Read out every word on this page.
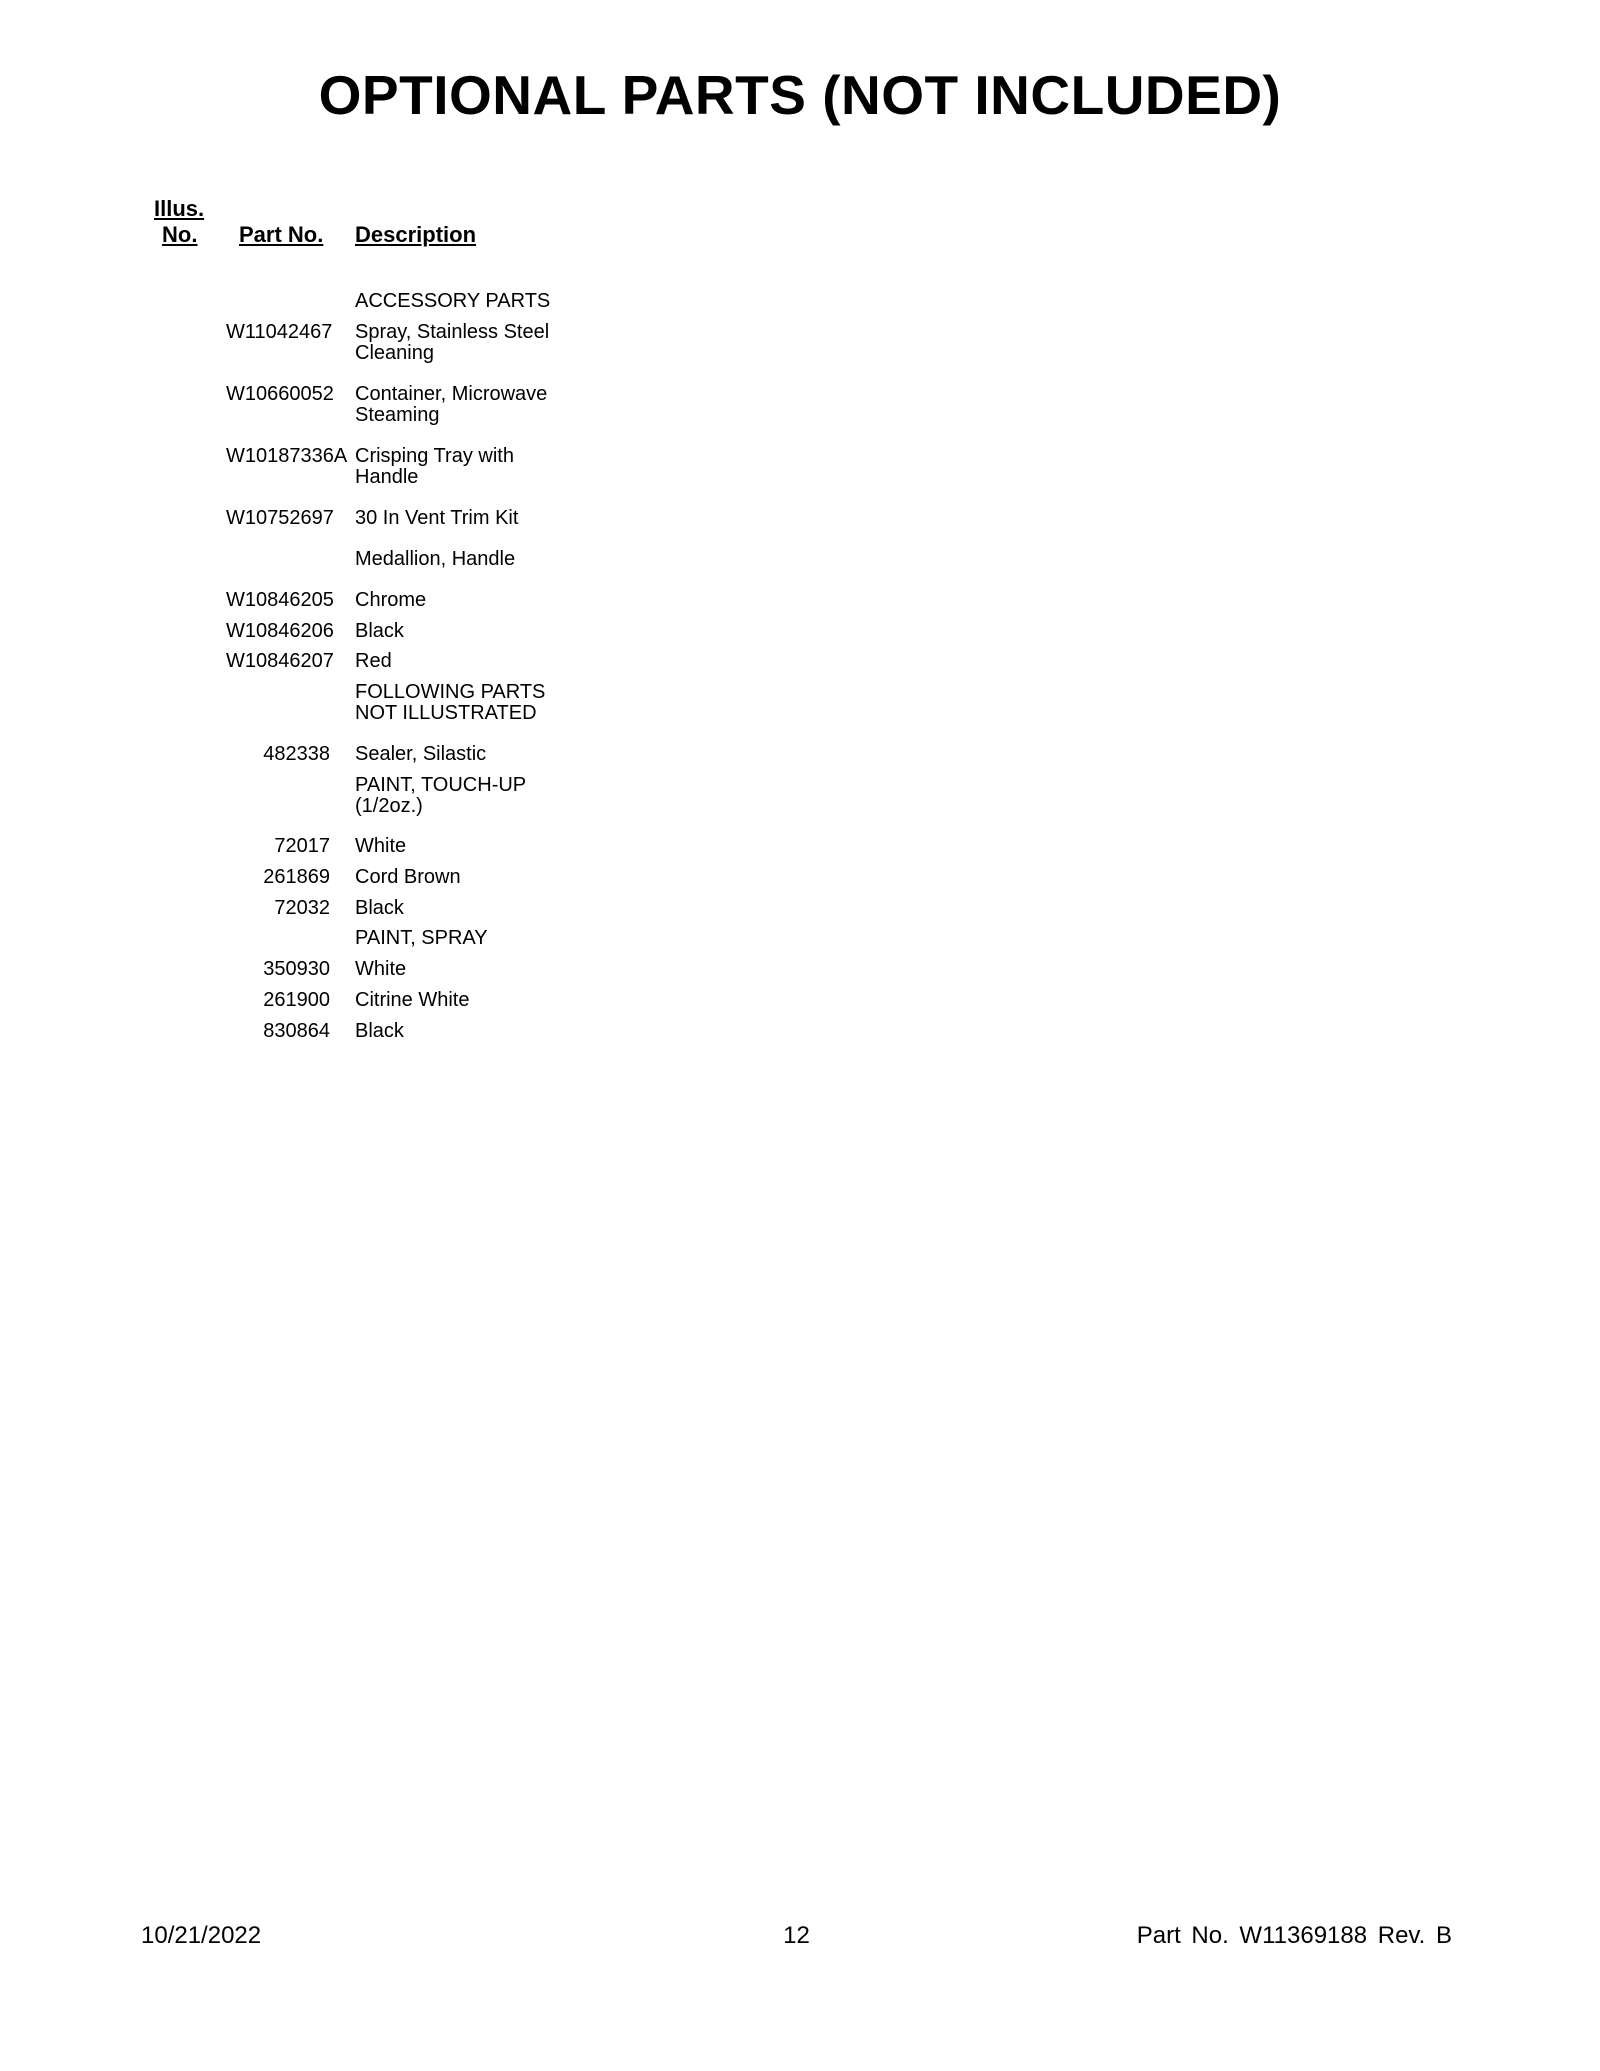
OPTIONAL PARTS (NOT INCLUDED)
Illus.
No. Part No. Description
ACCESSORY PARTS
W11042467 Spray, Stainless Steel Cleaning
W10660052 Container, Microwave Steaming
W10187336A Crisping Tray with Handle
W10752697 30 In Vent Trim Kit
Medallion, Handle
W10846205 Chrome
W10846206 Black
W10846207 Red
FOLLOWING PARTS NOT ILLUSTRATED
482338 Sealer, Silastic
PAINT, TOUCH-UP (1/2oz.)
72017 White
261869 Cord Brown
72032 Black
PAINT, SPRAY
350930 White
261900 Citrine White
830864 Black
10/21/2022	12	Part No. W11369188 Rev. B
